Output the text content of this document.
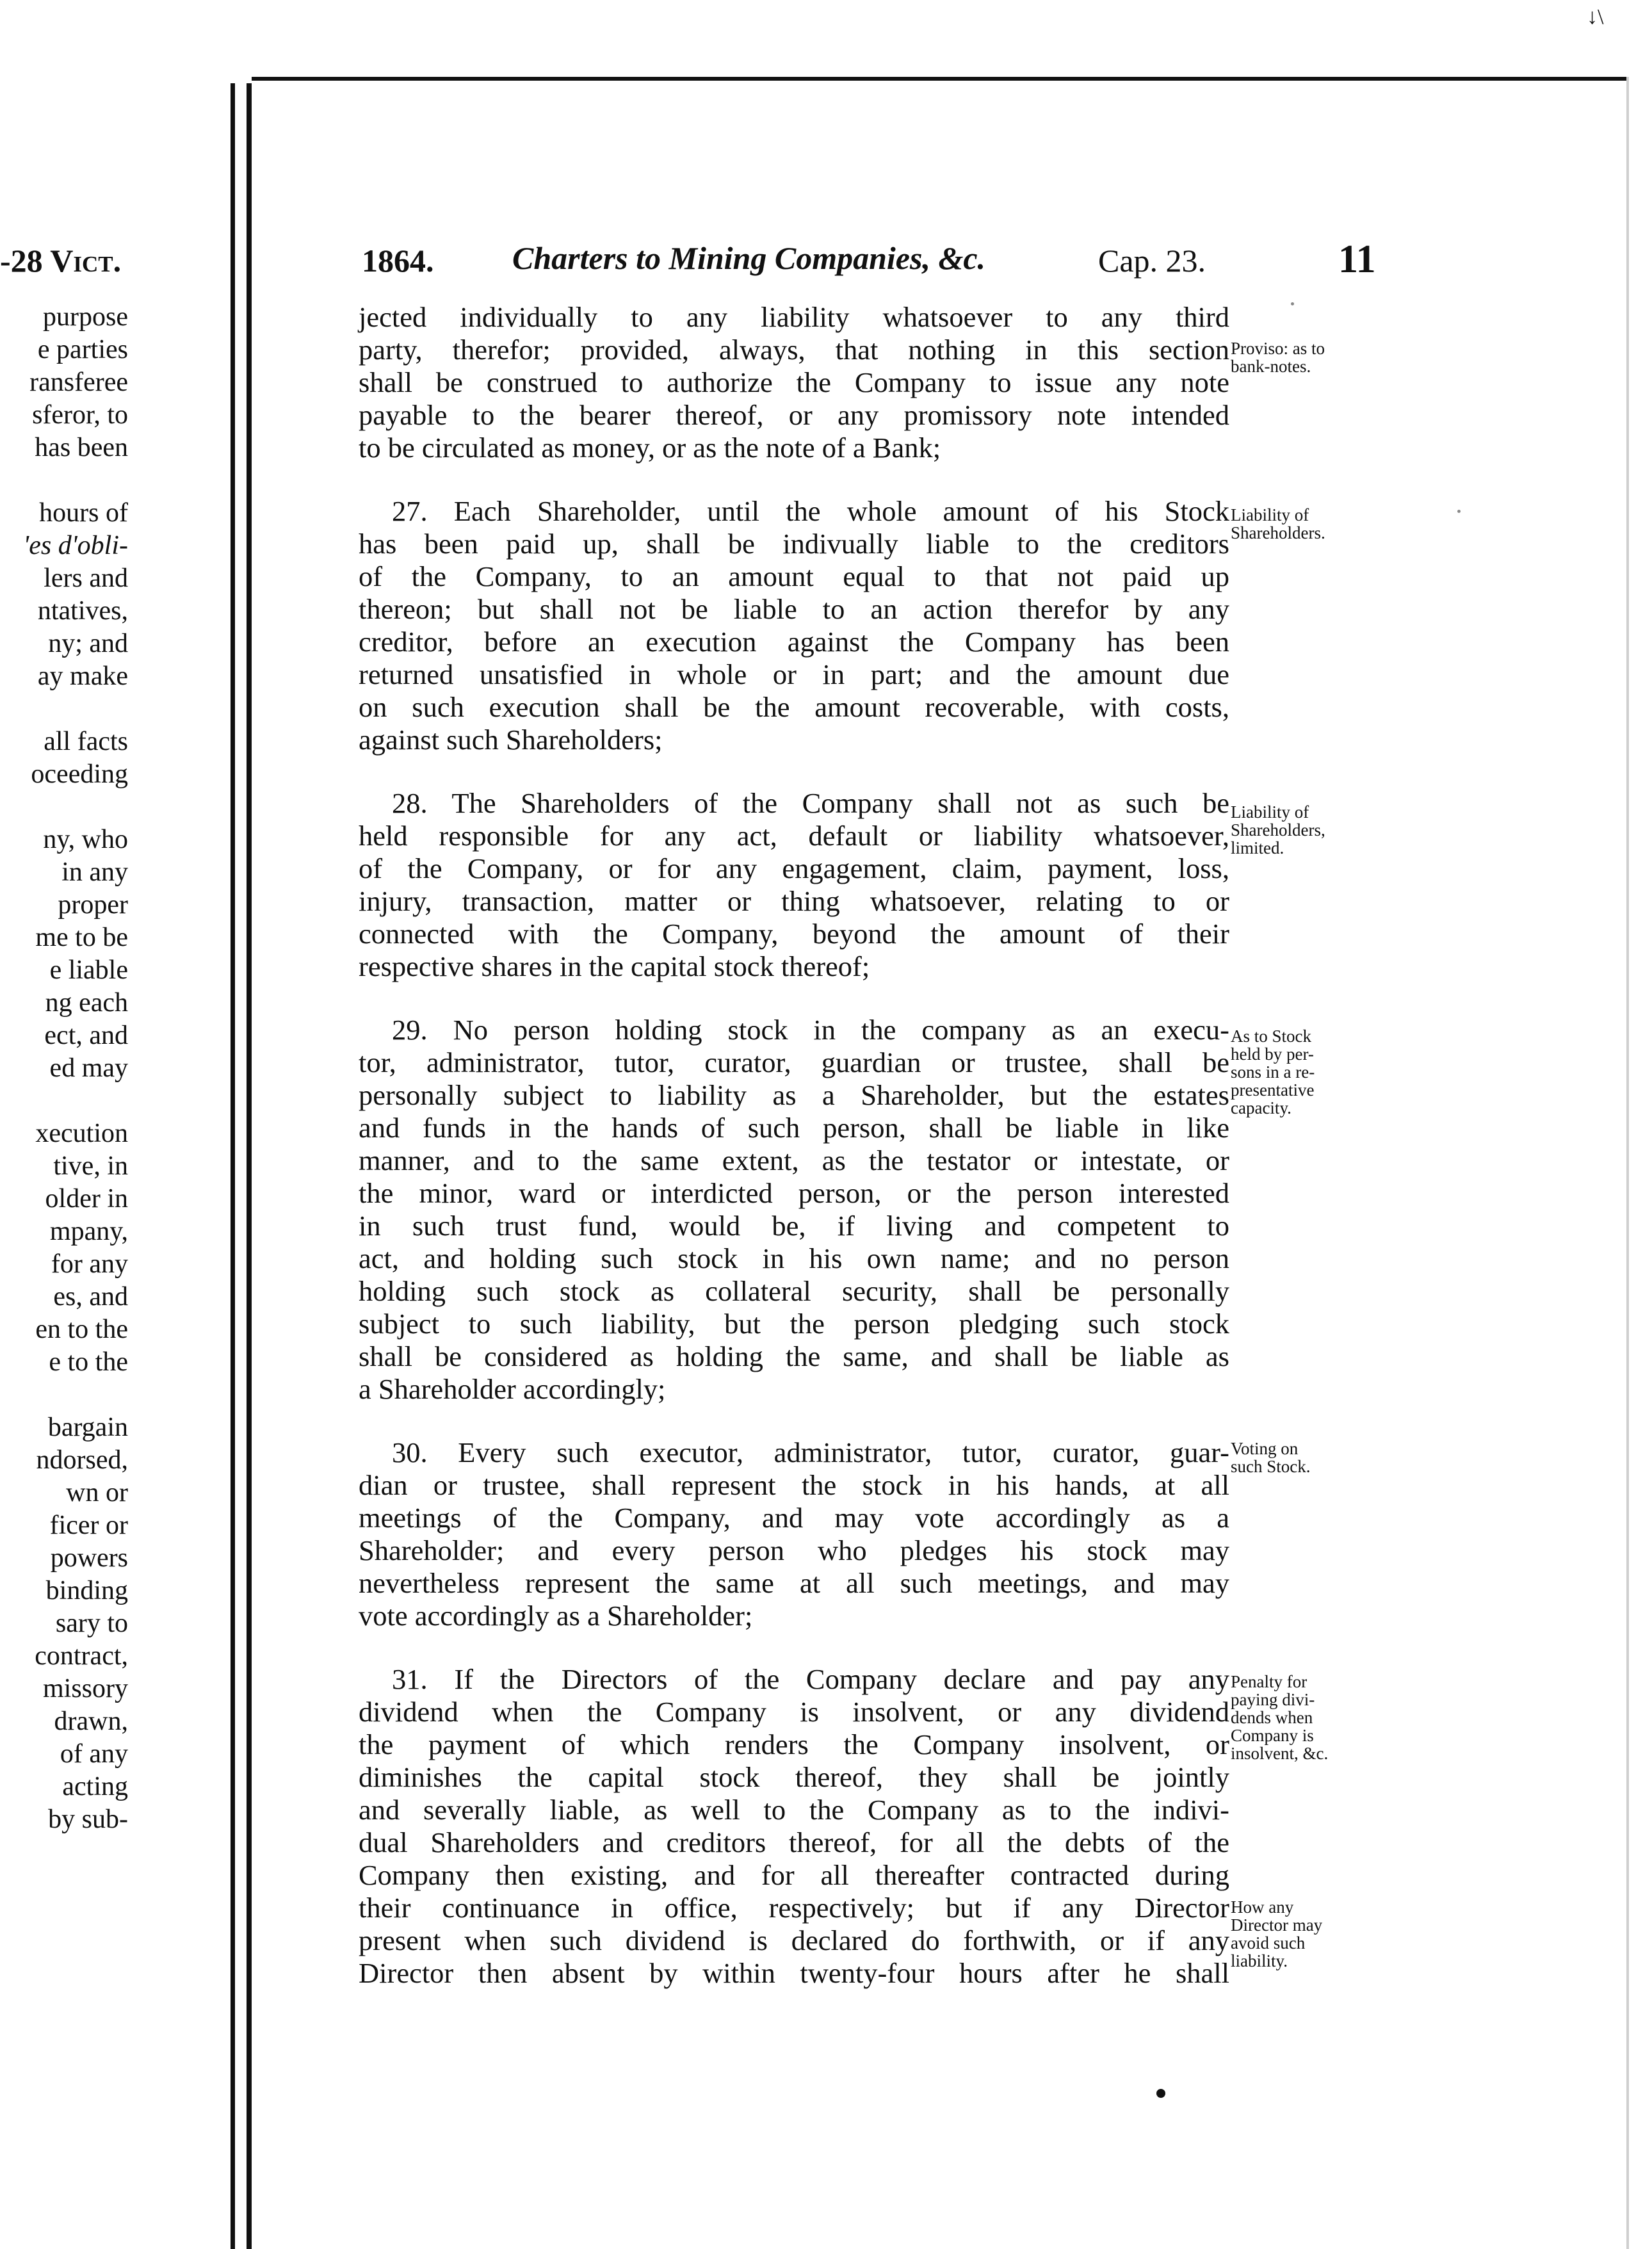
↓\
-28 Vict.	1864. Charters to Mining Companies, &c.	Cap. 23.	11
purpose
e parties
ransferee
sferor, to
has been
hours of
'es d'obli-
lers and
ntatives,
ny; and
ay make
all facts
oceeding
ny, who
in any
proper
me to be
e liable
ng each
ect, and
ed may
xecution
tive, in
older in
mpany,
for any
es, and
en to the
e to the
bargain
ndorsed,
wn or
ficer or
powers
binding
sary to
contract,
missory
drawn,
of any
acting
by sub-
jected individually to any liability whatsoever to any third
party, therefor; provided, always, that nothing in this section
shall be construed to authorize the Company to issue any note
payable to the bearer thereof, or any promissory note intended
to be circulated as money, or as the note of a Bank;
27. Each Shareholder, until the whole amount of his Stock
has been paid up, shall be indivually liable to the creditors
of the Company, to an amount equal to that not paid up
thereon; but shall not be liable to an action therefor by any
creditor, before an execution against the Company has been
returned unsatisfied in whole or in part; and the amount due
on such execution shall be the amount recoverable, with costs,
against such Shareholders;
28. The Shareholders of the Company shall not as such be
held responsible for any act, default or liability whatsoever,
of the Company, or for any engagement, claim, payment, loss,
injury, transaction, matter or thing whatsoever, relating to or
connected with the Company, beyond the amount of their
respective shares in the capital stock thereof;
29. No person holding stock in the company as an execu-
tor, administrator, tutor, curator, guardian or trustee, shall be
personally subject to liability as a Shareholder, but the estates
and funds in the hands of such person, shall be liable in like
manner, and to the same extent, as the testator or intestate, or
the minor, ward or interdicted person, or the person interested
in such trust fund, would be, if living and competent to
act, and holding such stock in his own name; and no person
holding such stock as collateral security, shall be personally
subject to such liability, but the person pledging such stock
shall be considered as holding the same, and shall be liable as
a Shareholder accordingly;
30. Every such executor, administrator, tutor, curator, guar-
dian or trustee, shall represent the stock in his hands, at all
meetings of the Company, and may vote accordingly as a
Shareholder; and every person who pledges his stock may
nevertheless represent the same at all such meetings, and may
vote accordingly as a Shareholder;
31. If the Directors of the Company declare and pay any
dividend when the Company is insolvent, or any dividend
the payment of which renders the Company insolvent, or
diminishes the capital stock thereof, they shall be jointly
and severally liable, as well to the Company as to the indivi-
dual Shareholders and creditors thereof, for all the debts of the
Company then existing, and for all thereafter contracted during
their continuance in office, respectively; but if any Director
present when such dividend is declared do forthwith, or if any
Director then absent by within twenty-four hours after he shall
Proviso: as to
bank-notes.
Liability of
Shareholders.
Liability of
Shareholders,
limited.
As to Stock
held by per-
sons in a re-
presentative
capacity.
Voting on
such Stock.
Penalty for
paying divi-
dends when
Company is
insolvent, &c.
How any
Director may
avoid such
liability.
